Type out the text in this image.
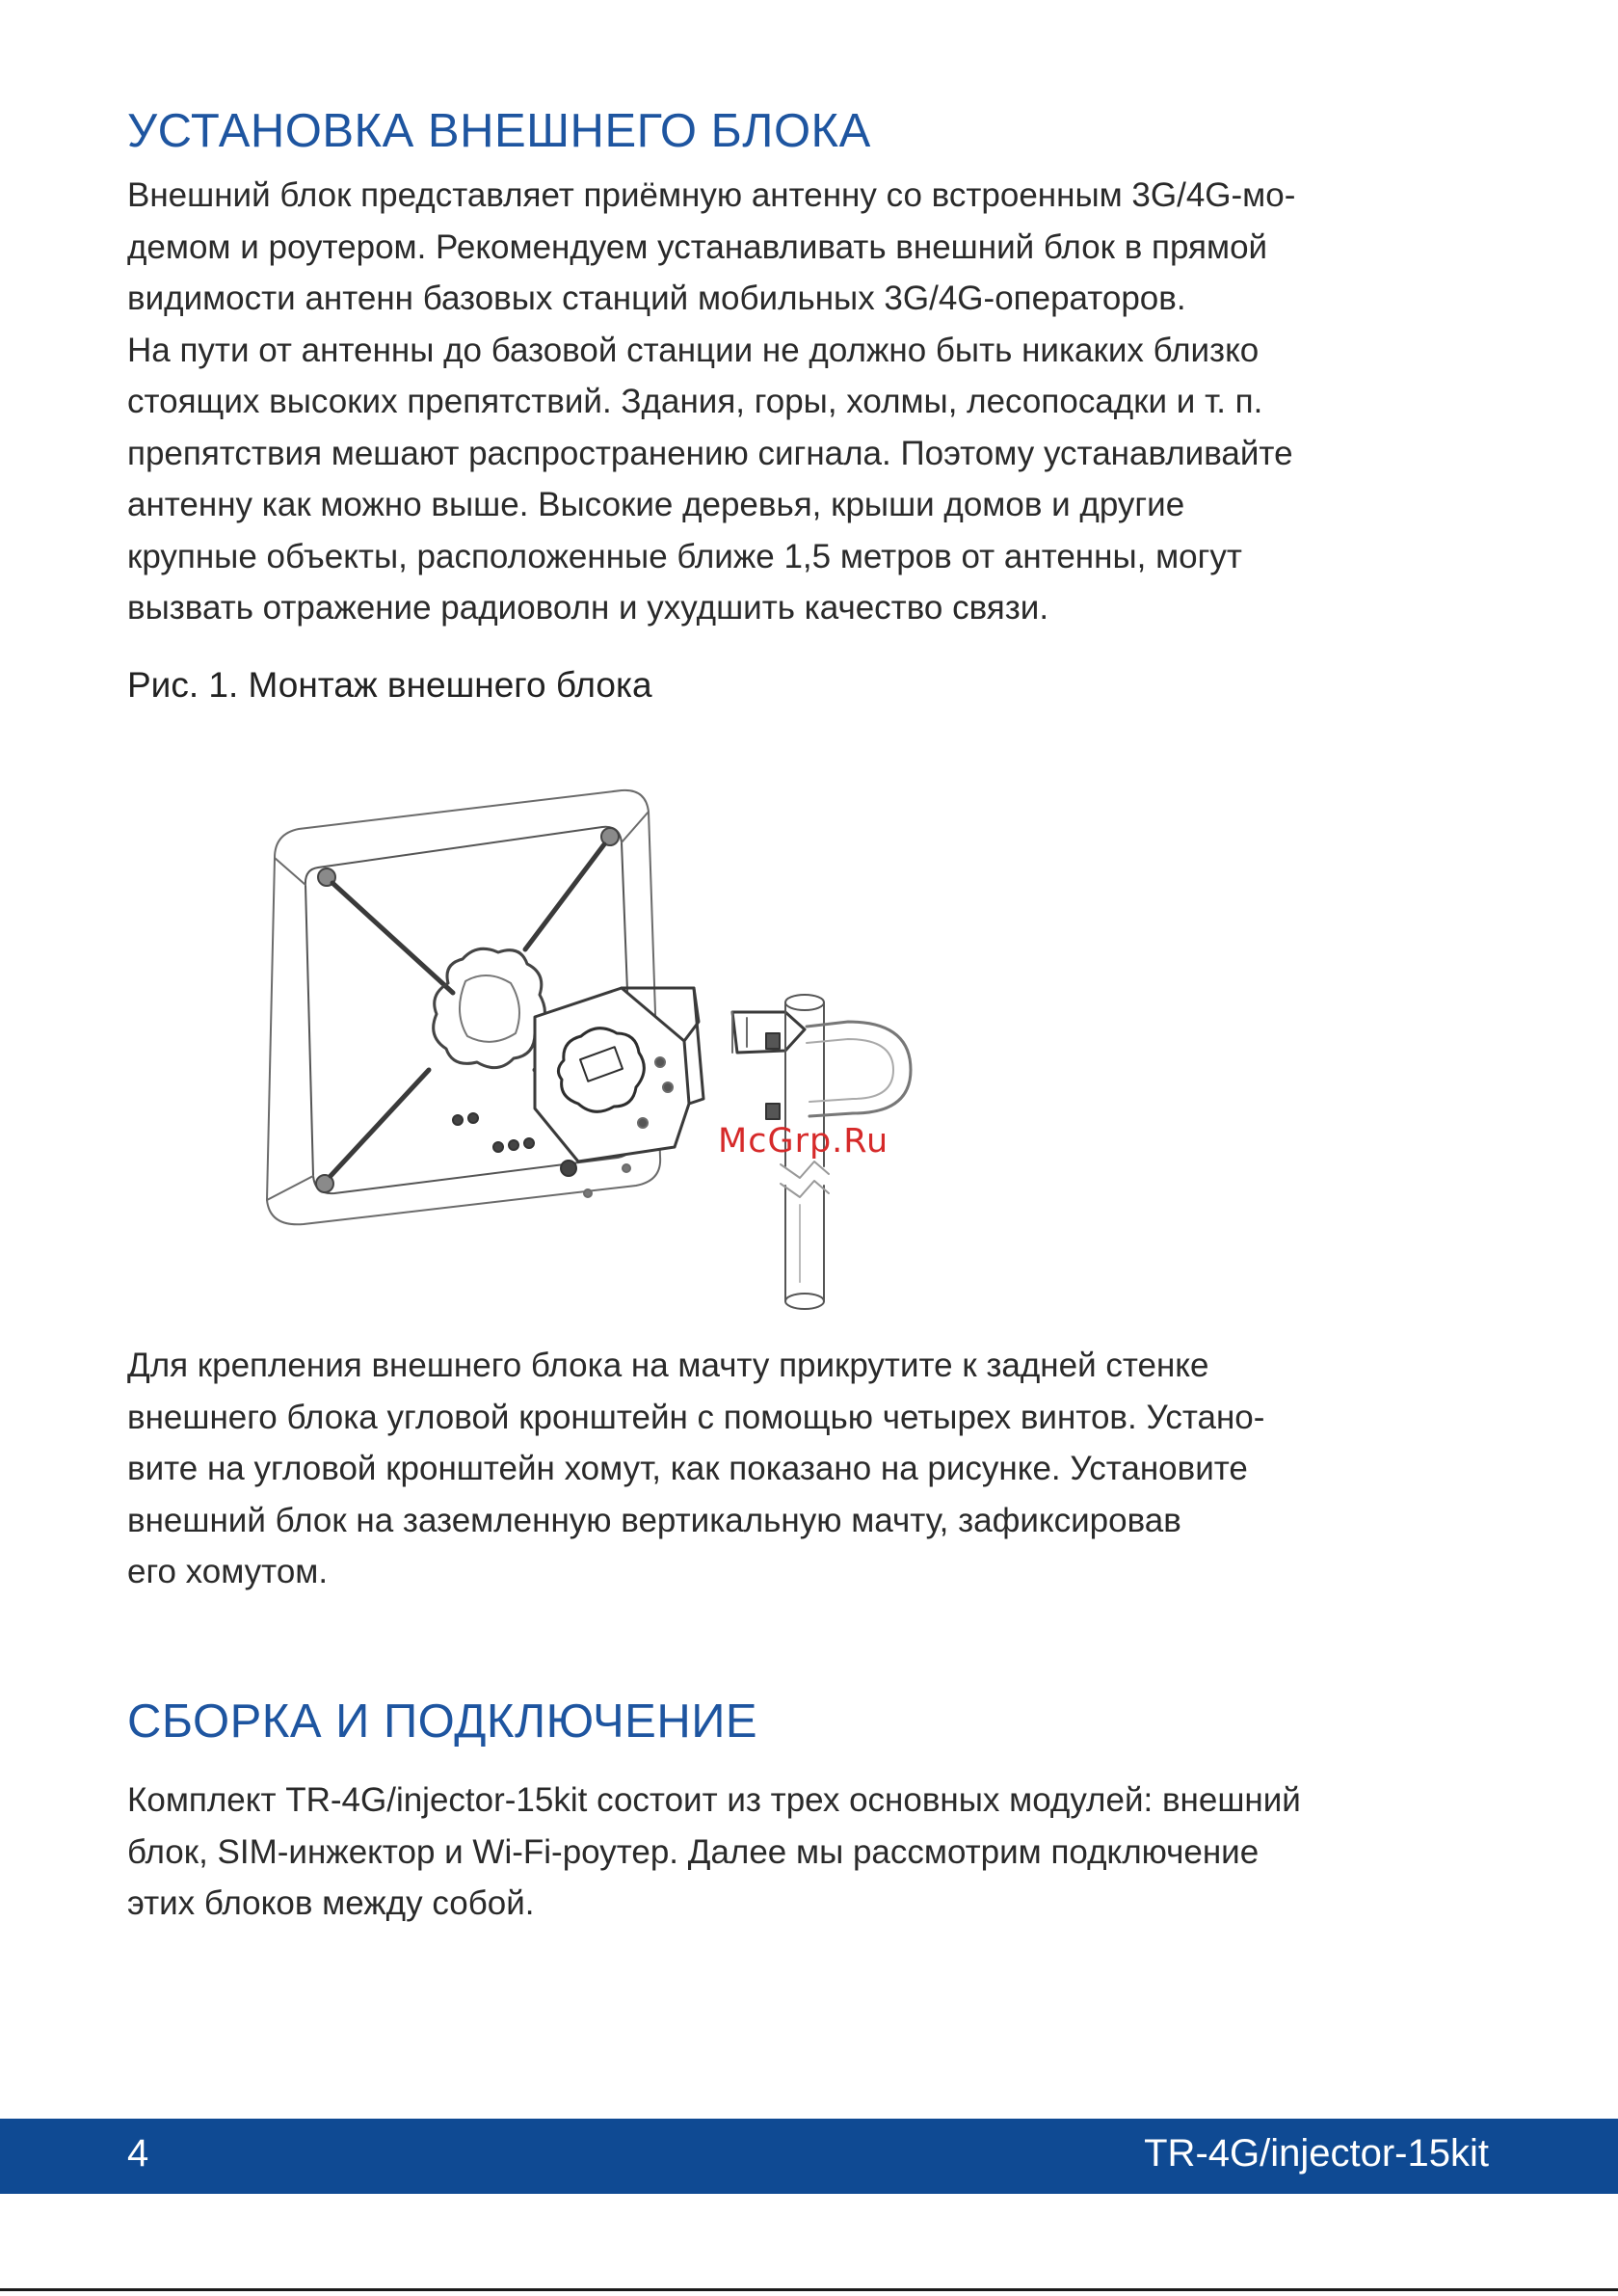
УСТАНОВКА ВНЕШНЕГО БЛОКА
Внешний блок представляет приёмную антенну со встроенным 3G/4G-мо-
демом и роутером. Рекомендуем устанавливать внешний блок в прямой
видимости антенн базовых станций мобильных 3G/4G-операторов.
На пути от антенны до базовой станции не должно быть никаких близко
стоящих высоких препятствий. Здания, горы, холмы, лесопосадки и т. п.
препятствия мешают распространению сигнала. Поэтому устанавливайте
антенну как можно выше. Высокие деревья, крыши домов и другие
крупные объекты, расположенные ближе 1,5 метров от антенны, могут
вызвать отражение радиоволн и ухудшить качество связи.

Рис. 1. Монтаж внешнего блока

McGrp.Ru
Для крепления внешнего блока на мачту прикрутите к задней стенке
внешнего блока угловой кронштейн с помощью четырех винтов. Устано-
вите на угловой кронштейн хомут, как показано на рисунке. Установите
внешний блок на заземленную вертикальную мачту, зафиксировав
его хомутом.
СБОРКА И ПОДКЛЮЧЕНИЕ
Комплект TR-4G/injector-15kit состоит из трех основных модулей: внешний
блок, SIM-инжектор и Wi-Fi-роутер. Далее мы рассмотрим подключение
этих блоков между собой.
4	TR-4G/injector-15kit
